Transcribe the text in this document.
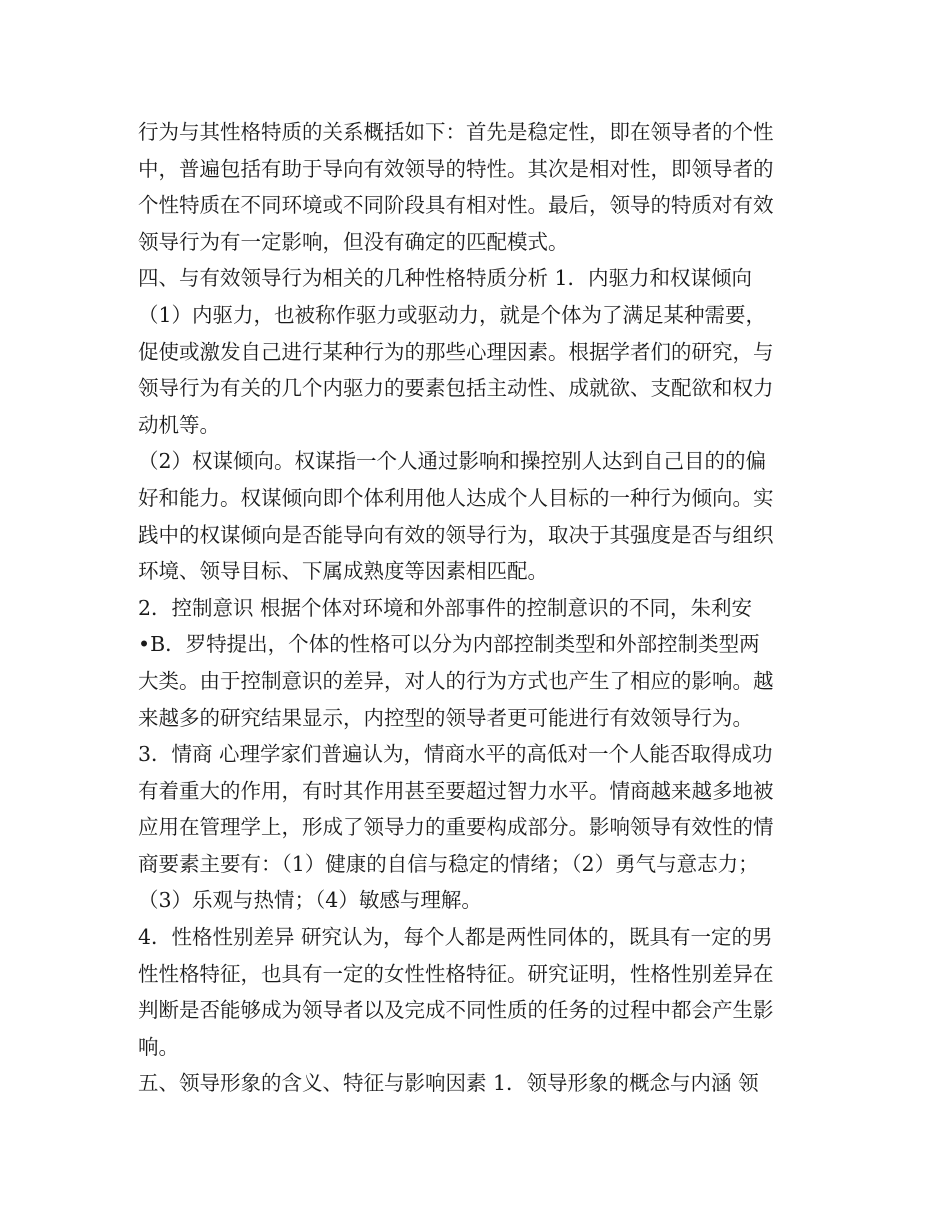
行为与其性格特质的关系概括如下：首先是稳定性，即在领导者的个性
中，普遍包括有助于导向有效领导的特性。其次是相对性，即领导者的
个性特质在不同环境或不同阶段具有相对性。最后，领导的特质对有效
领导行为有一定影响，但没有确定的匹配模式。
四、与有效领导行为相关的几种性格特质分析 1．内驱力和权谋倾向
（1）内驱力，也被称作驱力或驱动力，就是个体为了满足某种需要，
促使或激发自己进行某种行为的那些心理因素。根据学者们的研究，与
领导行为有关的几个内驱力的要素包括主动性、成就欲、支配欲和权力
动机等。
（2）权谋倾向。权谋指一个人通过影响和操控别人达到自己目的的偏
好和能力。权谋倾向即个体利用他人达成个人目标的一种行为倾向。实
践中的权谋倾向是否能导向有效的领导行为，取决于其强度是否与组织
环境、领导目标、下属成熟度等因素相匹配。
2．控制意识 根据个体对环境和外部事件的控制意识的不同，朱利安
•B．罗特提出，个体的性格可以分为内部控制类型和外部控制类型两
大类。由于控制意识的差异，对人的行为方式也产生了相应的影响。越
来越多的研究结果显示，内控型的领导者更可能进行有效领导行为。
3．情商 心理学家们普遍认为，情商水平的高低对一个人能否取得成功
有着重大的作用，有时其作用甚至要超过智力水平。情商越来越多地被
应用在管理学上，形成了领导力的重要构成部分。影响领导有效性的情
商要素主要有：（1）健康的自信与稳定的情绪；（2）勇气与意志力；
（3）乐观与热情；（4）敏感与理解。
4．性格性别差异 研究认为，每个人都是两性同体的，既具有一定的男
性性格特征，也具有一定的女性性格特征。研究证明，性格性别差异在
判断是否能够成为领导者以及完成不同性质的任务的过程中都会产生影
响。
五、领导形象的含义、特征与影响因素 1．领导形象的概念与内涵 领
